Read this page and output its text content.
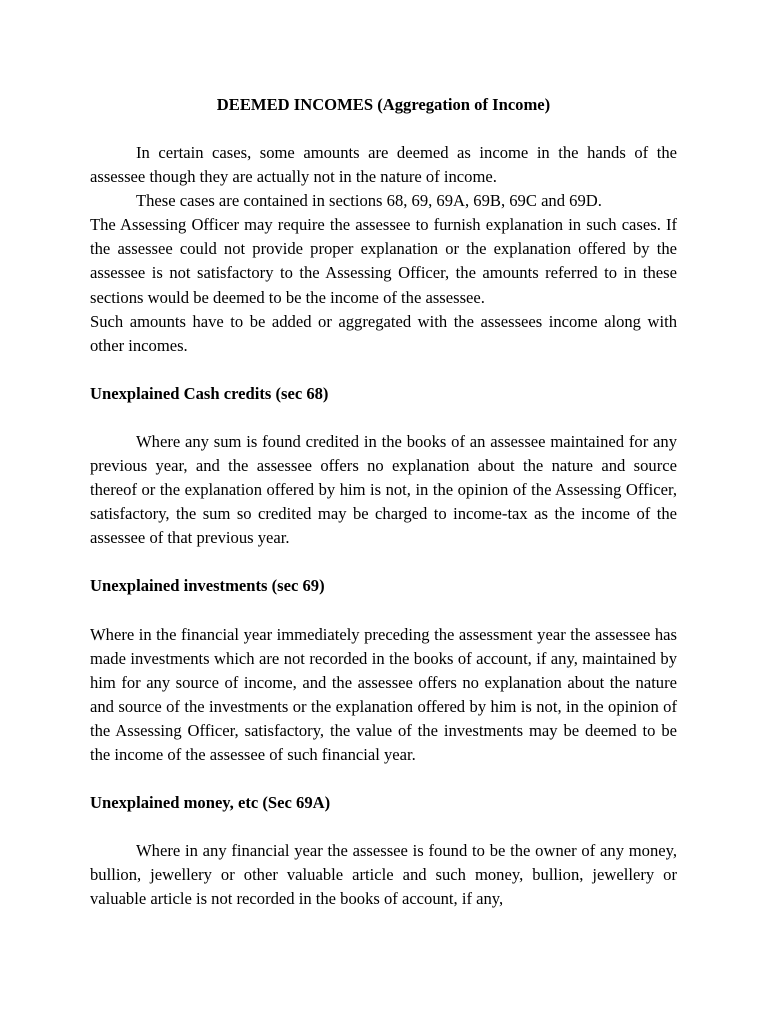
DEEMED INCOMES (Aggregation of Income)

In certain cases, some amounts are deemed as income in the hands of the assessee though they are actually not in the nature of income.

These cases are contained in sections 68, 69, 69A, 69B, 69C and 69D.

The Assessing Officer may require the assessee to furnish explanation in such cases. If the assessee could not provide proper explanation or the explanation offered by the assessee is not satisfactory to the Assessing Officer, the amounts referred to in these sections would be deemed to be the income of the assessee.

Such amounts have to be added or aggregated with the assessees income along with other incomes.

Unexplained Cash credits (sec 68)

Where any sum is found credited in the books of an assessee maintained for any previous year, and the assessee offers no explanation about the nature and source thereof or the explanation offered by him is not, in the opinion of the Assessing Officer, satisfactory, the sum so credited may be charged to income-tax as the income of the assessee of that previous year.

Unexplained investments (sec 69)

Where in the financial year immediately preceding the assessment year the assessee has made investments which are not recorded in the books of account, if any, maintained by him for any source of income, and the assessee offers no explanation about the nature and source of the investments or the explanation offered by him is not, in the opinion of the Assessing Officer, satisfactory, the value of the investments may be deemed to be the income of the assessee of such financial year.

Unexplained money, etc (Sec 69A)

Where in any financial year the assessee is found to be the owner of any money, bullion, jewellery or other valuable article and such money, bullion, jewellery or valuable article is not recorded in the books of account, if any,
